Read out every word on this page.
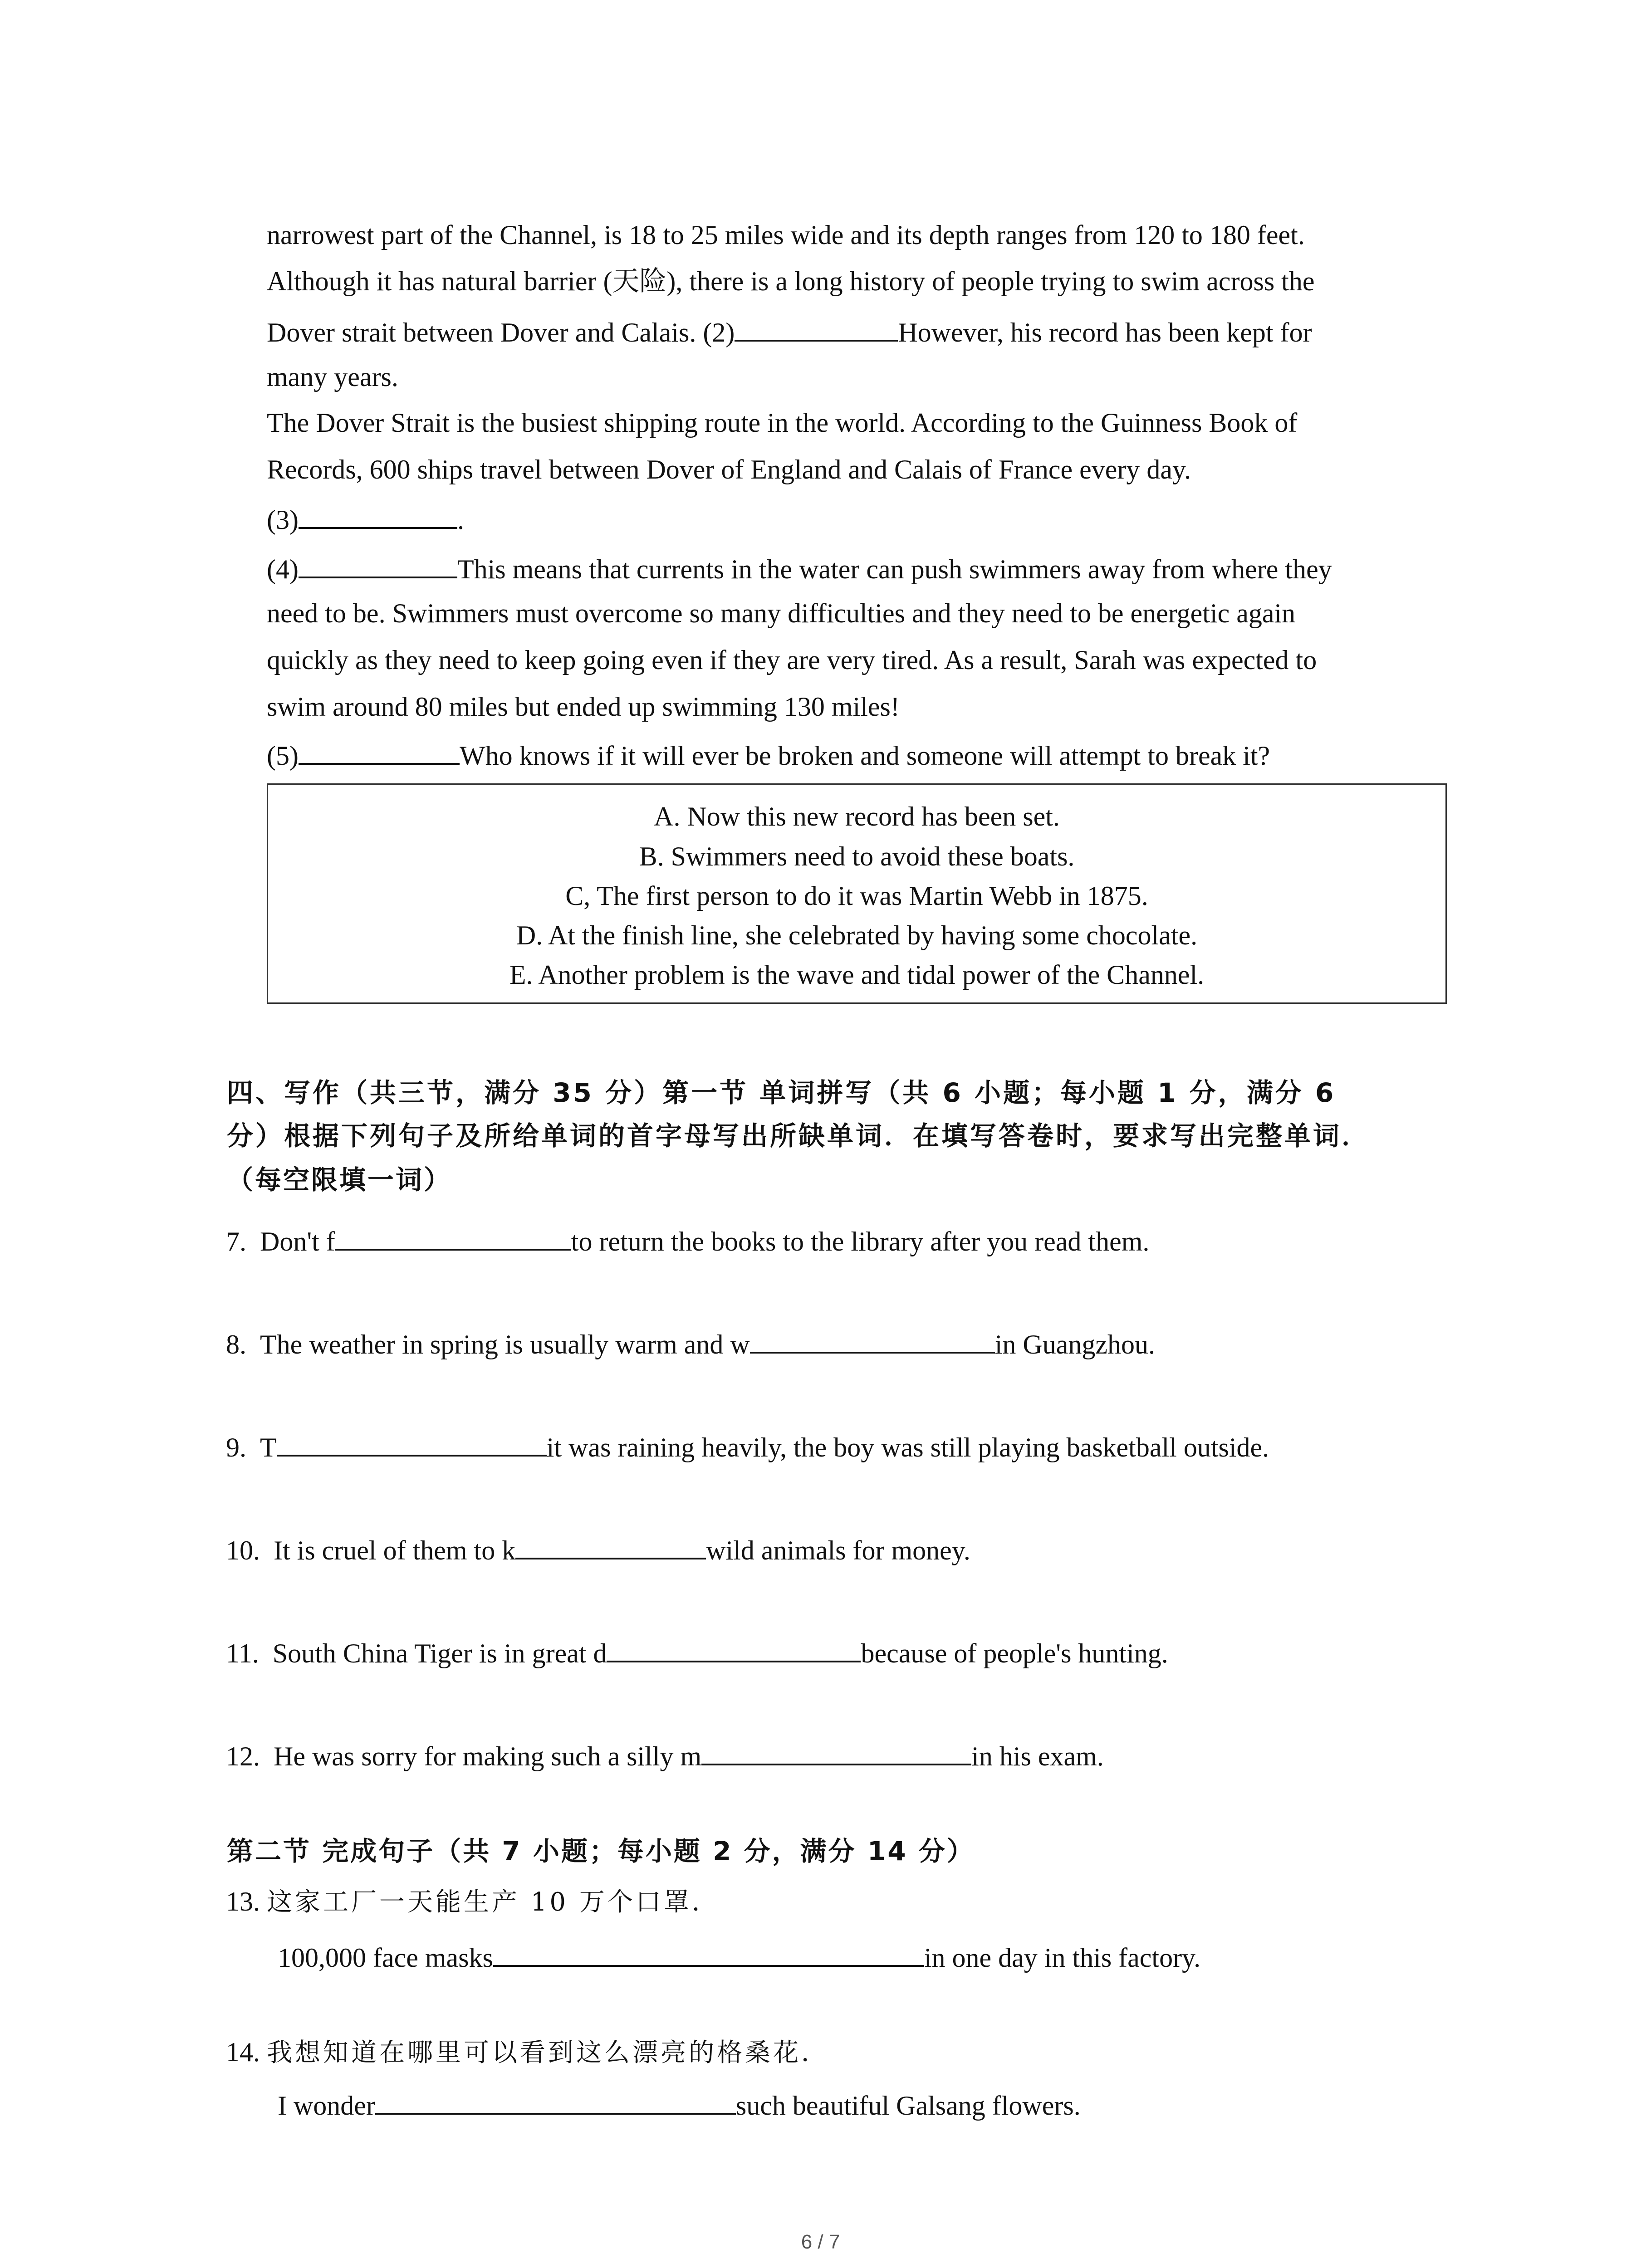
narrowest part of the Channel, is 18 to 25 miles wide and its depth ranges from 120 to 180 feet.
Although it has natural barrier (天险), there is a long history of people trying to swim across the
Dover strait between Dover and Calais. (2)	However, his record has been kept for
many years.
The Dover Strait is the busiest shipping route in the world. According to the Guinness Book of
Records, 600 ships travel between Dover of England and Calais of France every day.
(3)	.
(4)	This means that currents in the water can push swimmers away from where they
need to be. Swimmers must overcome so many difficulties and they need to be energetic again
quickly as they need to keep going even if they are very tired. As a result, Sarah was expected to
swim around 80 miles but ended up swimming 130 miles!
(5)	Who knows if it will ever be broken and someone will attempt to break it?
A. Now this new record has been set.
B. Swimmers need to avoid these boats.
C, The first person to do it was Martin Webb in 1875.
D. At the finish line, she celebrated by having some chocolate.
E. Another problem is the wave and tidal power of the Channel.
四、写作（共三节，满分 35 分）第一节 单词拼写（共 6 小题；每小题 1 分，满分 6
分）根据下列句子及所给单词的首字母写出所缺单词．在填写答卷时，要求写出完整单词．
（每空限填一词）
7. Don't f	to return the books to the library after you read them.
8. The weather in spring is usually warm and w	in Guangzhou.
9. T	it was raining heavily, the boy was still playing basketball outside.
10. It is cruel of them to k	wild animals for money.
11. South China Tiger is in great d	because of people's hunting.
12. He was sorry for making such a silly m	in his exam.
第二节 完成句子（共 7 小题；每小题 2 分，满分 14 分）
13. 这家工厂一天能生产 10 万个口罩．
100,000 face masks	in one day in this factory.
14. 我想知道在哪里可以看到这么漂亮的格桑花．
I wonder	such beautiful Galsang flowers.
6 / 7
